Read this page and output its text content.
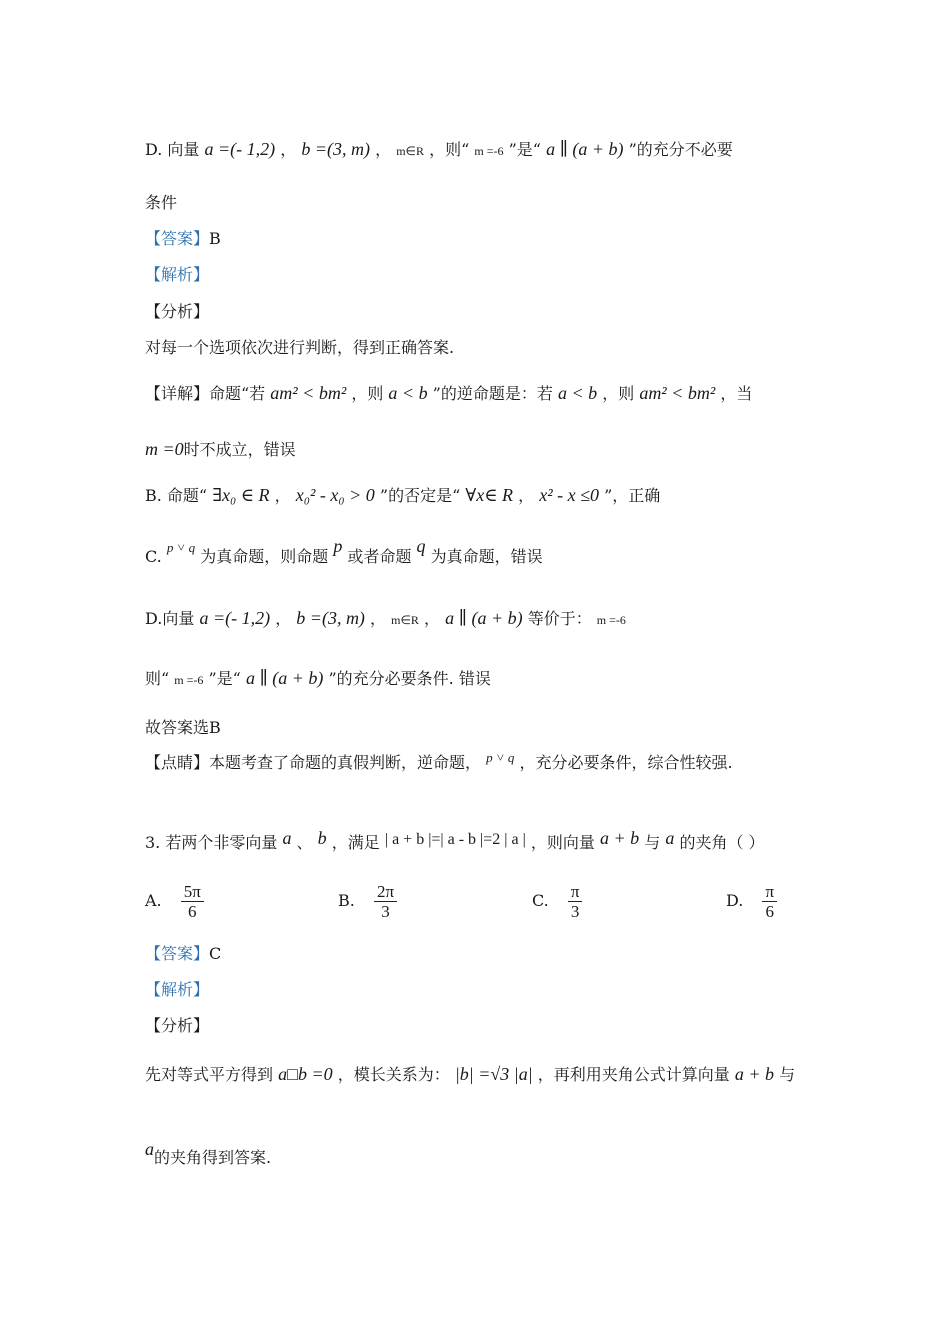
D. 向量 a =(- 1,2) ， b =(3, m) ， m∈R ，则“ m =-6 ”是“ a ∥ (a + b) ”的充分不必要
条件
【答案】B
【解析】
【分析】
对每一个选项依次进行判断，得到正确答案.
【详解】命题“若 am² < bm² ，则 a < b ”的逆命题是：若 a < b ，则 am² < bm² ，当
m =0时不成立，错误
B. 命题“ ∃x₀ ∈ R ， x₀² - x₀ > 0 ”的否定是“ ∀x∈ R ， x² - x ≤0 ”，正确
C. $^{p ˅ q}$ 为真命题，则命题 p 或者命题 q 为真命题，错误
D.向量 a =(- 1,2) ， b =(3, m) ， m∈R ， a ∥ (a + b) 等价于： m =-6
则“ m =-6 ”是“ a ∥ (a + b) ”的充分必要条件. 错误
故答案选B
【点睛】本题考查了命题的真假判断，逆命题， $^{p ˅ q}$ ，充分必要条件，综合性较强.
3. 若两个非零向量 a 、 b ，满足 | a + b |=| a - b |=2 | a | ，则向量 a + b 与 a 的夹角（ ）
A. $\frac{5\pi}{6}$	B. $\frac{2\pi}{3}$	C. $\frac{\pi}{3}$	D. $\frac{\pi}{6}$
【答案】C
【解析】
【分析】
先对等式平方得到 a□b =0 ，模长关系为： |b| =√3 |a| ，再利用夹角公式计算向量 a + b 与
a的夹角得到答案.
